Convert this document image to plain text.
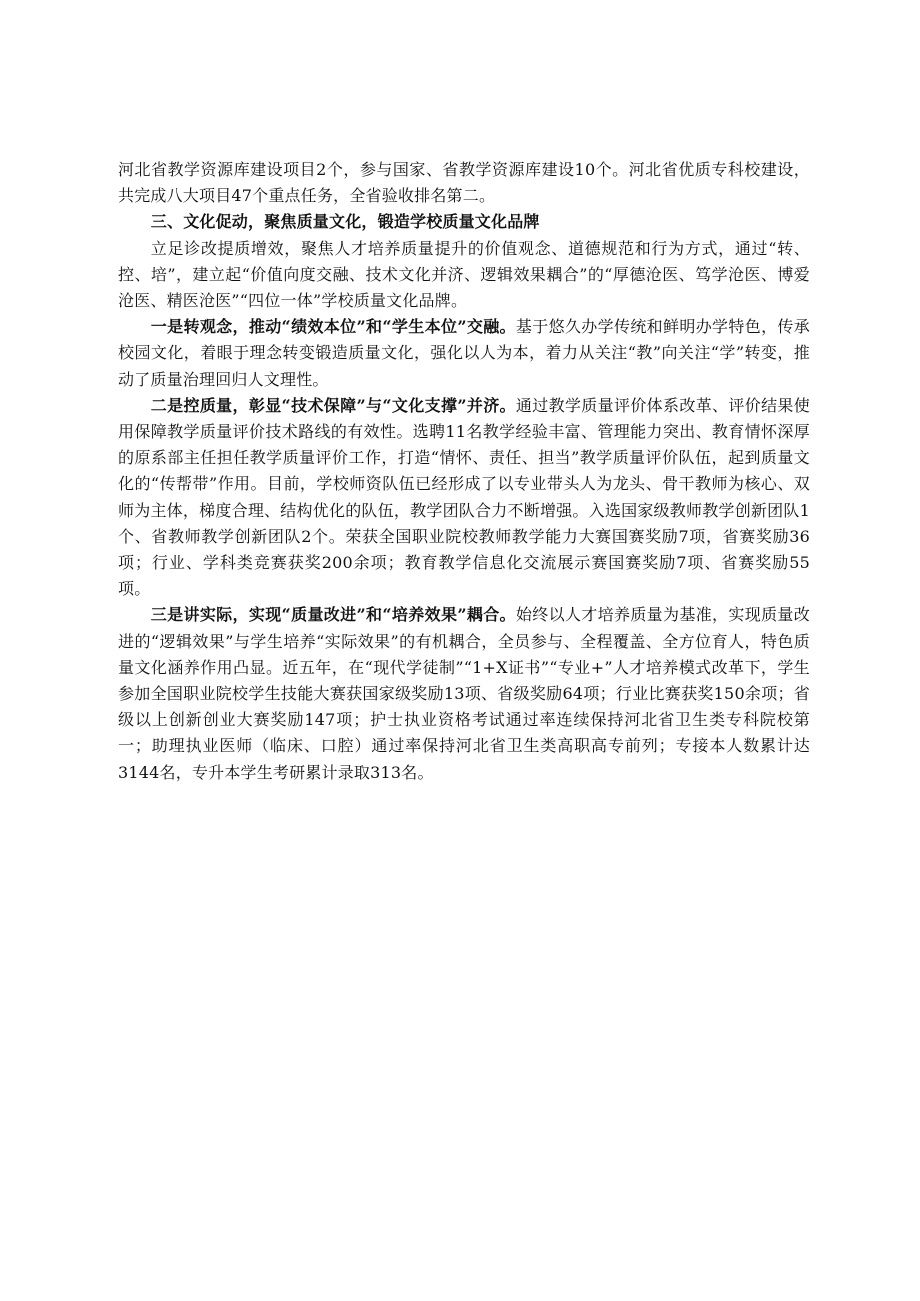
河北省教学资源库建设项目2个，参与国家、省教学资源库建设10个。河北省优质专科校建设，共完成八大项目47个重点任务，全省验收排名第二。

三、文化促动，聚焦质量文化，锻造学校质量文化品牌

立足诊改提质增效，聚焦人才培养质量提升的价值观念、道德规范和行为方式，通过“转、控、培”，建立起“价值向度交融、技术文化并济、逻辑效果耦合”的“厚德沧医、笃学沧医、博爱沧医、精医沧医”“四位一体”学校质量文化品牌。

一是转观念，推动“绩效本位”和“学生本位”交融。基于悠久办学传统和鲜明办学特色，传承校园文化，着眼于理念转变锻造质量文化，强化以人为本，着力从关注“教”向关注“学”转变，推动了质量治理回归人文理性。

二是控质量，彰显“技术保障”与“文化支撑”并济。通过教学质量评价体系改革、评价结果使用保障教学质量评价技术路线的有效性。选聘11名教学经验丰富、管理能力突出、教育情怀深厚的原系部主任担任教学质量评价工作，打造“情怀、责任、担当”教学质量评价队伍，起到质量文化的“传帮带”作用。目前，学校师资队伍已经形成了以专业带头人为龙头、骨干教师为核心、双师为主体，梯度合理、结构优化的队伍，教学团队合力不断增强。入选国家级教师教学创新团队1个、省教师教学创新团队2个。荣获全国职业院校教师教学能力大赛国赛奖励7项，省赛奖励36项；行业、学科类竞赛获奖200余项；教育教学信息化交流展示赛国赛奖励7项、省赛奖励55项。

三是讲实际，实现“质量改进”和“培养效果”耦合。始终以人才培养质量为基准，实现质量改进的“逻辑效果”与学生培养“实际效果”的有机耦合，全员参与、全程覆盖、全方位育人，特色质量文化涵养作用凸显。近五年，在“现代学徒制”“1+X证书”“专业+”人才培养模式改革下，学生参加全国职业院校学生技能大赛获国家级奖励13项、省级奖励64项；行业比赛获奖150余项；省级以上创新创业大赛奖励147项；护士执业资格考试通过率连续保持河北省卫生类专科院校第一；助理执业医师（临床、口腔）通过率保持河北省卫生类高职高专前列；专接本人数累计达3144名，专升本学生考研累计录取313名。
